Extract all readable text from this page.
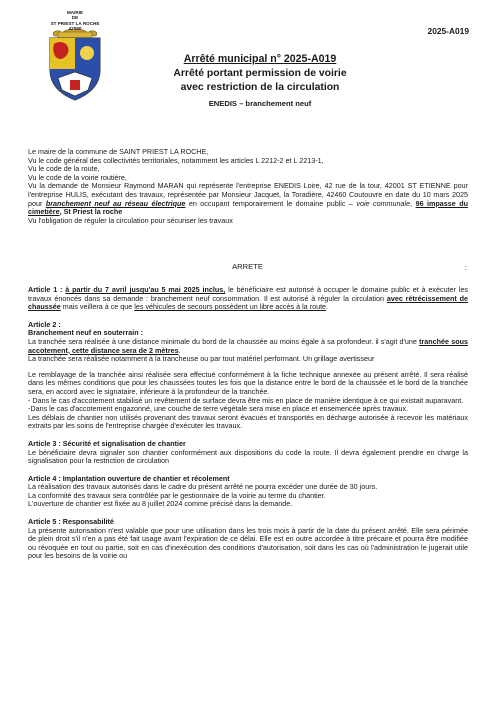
MAIRIE
DE
ST PRIEST LA ROCHE
42590	2025-A019
Arrêté municipal n° 2025-A019
Arrêté portant permission de voirie
avec restriction de la circulation
ENEDIS – branchement neuf

Le maire de la commune de SAINT PRIEST LA ROCHE,

Vu le code général des collectivités territoriales, notamment les articles L 2212-2 et L 2213-1,

Vu le code de la route,

Vu le code de la voirie routière,

Vu la demande de Monsieur Raymond MARAN qui représente l'entreprise ENEDIS Loire, 42 rue de la tour, 42001 ST ETIENNE pour l'entreprise HULIS, exécutant des travaux, représentée par Monsieur Jacquet, la Toradière, 42460 Coutouvre en date du 10 mars 2025 pour branchement neuf au réseau électrique en occupant temporairement le domaine public – voie communale, 96 impasse du cimetière, St Priest la roche

Vu l'obligation de réguler la circulation pour sécuriser les travaux

ARRETE	:

Article 1 : à partir du 7 avril jusqu'au 5 mai 2025 inclus, le bénéficiaire est autorisé à occuper le domaine public et à exécuter les travaux énoncés dans sa demande : branchement neuf consommation. Il est autorisé à réguler la circulation avec rétrécissement de chaussée mais veillera à ce que les véhicules de secours possèdent un libre accès à la route.

Article 2 :

Branchement neuf en souterrain :

La tranchée sera réalisée à une distance minimale du bord de la chaussée au moins égale à sa profondeur. il s'agit d'une tranchée sous accotement, cette distance sera de 2 mètres.

La tranchée sera réalisée notamment à la trancheuse ou par tout matériel performant. Un grillage avertisseur

Le remblayage de la tranchée ainsi réalisée sera effectué conformément à la fiche technique annexée au présent arrêté. Il sera réalisé dans les mêmes conditions que pour les chaussées toutes les fois que la distance entre le bord de la chaussée et le bord de la tranchée sera, en accord avec le signataire, inférieure à la profondeur de la tranchée.

- Dans le cas d'accotement stabilisé un revêtement de surface devra être mis en place de manière identique à ce qui existait auparavant.

-Dans le cas d'accotement engazonné, une couche de terre végétale sera mise en place et ensemencée après travaux.

Les déblais de chantier non utilisés provenant des travaux seront évacués et transportés en décharge autorisée à recevoir les matériaux extraits par les soins de l'entreprise chargée d'exécuter les travaux.

Article 3 : Sécurité et signalisation de chantier

Le bénéficiaire devra signaler son chantier conformément aux dispositions du code la route. Il devra également prendre en charge la signalisation pour la restriction de circulation

Article 4 : Implantation ouverture de chantier et récolement

La réalisation des travaux autorisés dans le cadre du présent arrêté ne pourra excéder une durée de 30 jours.

La conformité des travaux sera contrôlée par le gestionnaire de la voirie au terme du chantier.

L'ouverture de chantier est fixée au 8 juillet 2024 comme précisé dans la demande.

Article 5 : Responsabilité

La présente autorisation n'est valable que pour une utilisation dans les trois mois à partir de la date du présent arrêté. Elle sera périmée de plein droit s'il n'en a pas été fait usage avant l'expiration de ce délai. Elle est en outre accordée à titre précaire et pourra être modifiée ou révoquée en tout ou partie, soit en cas d'inexécution des conditions d'autorisation, soit dans les cas où l'administration le jugerait utile pour les besoins de la voirie ou
